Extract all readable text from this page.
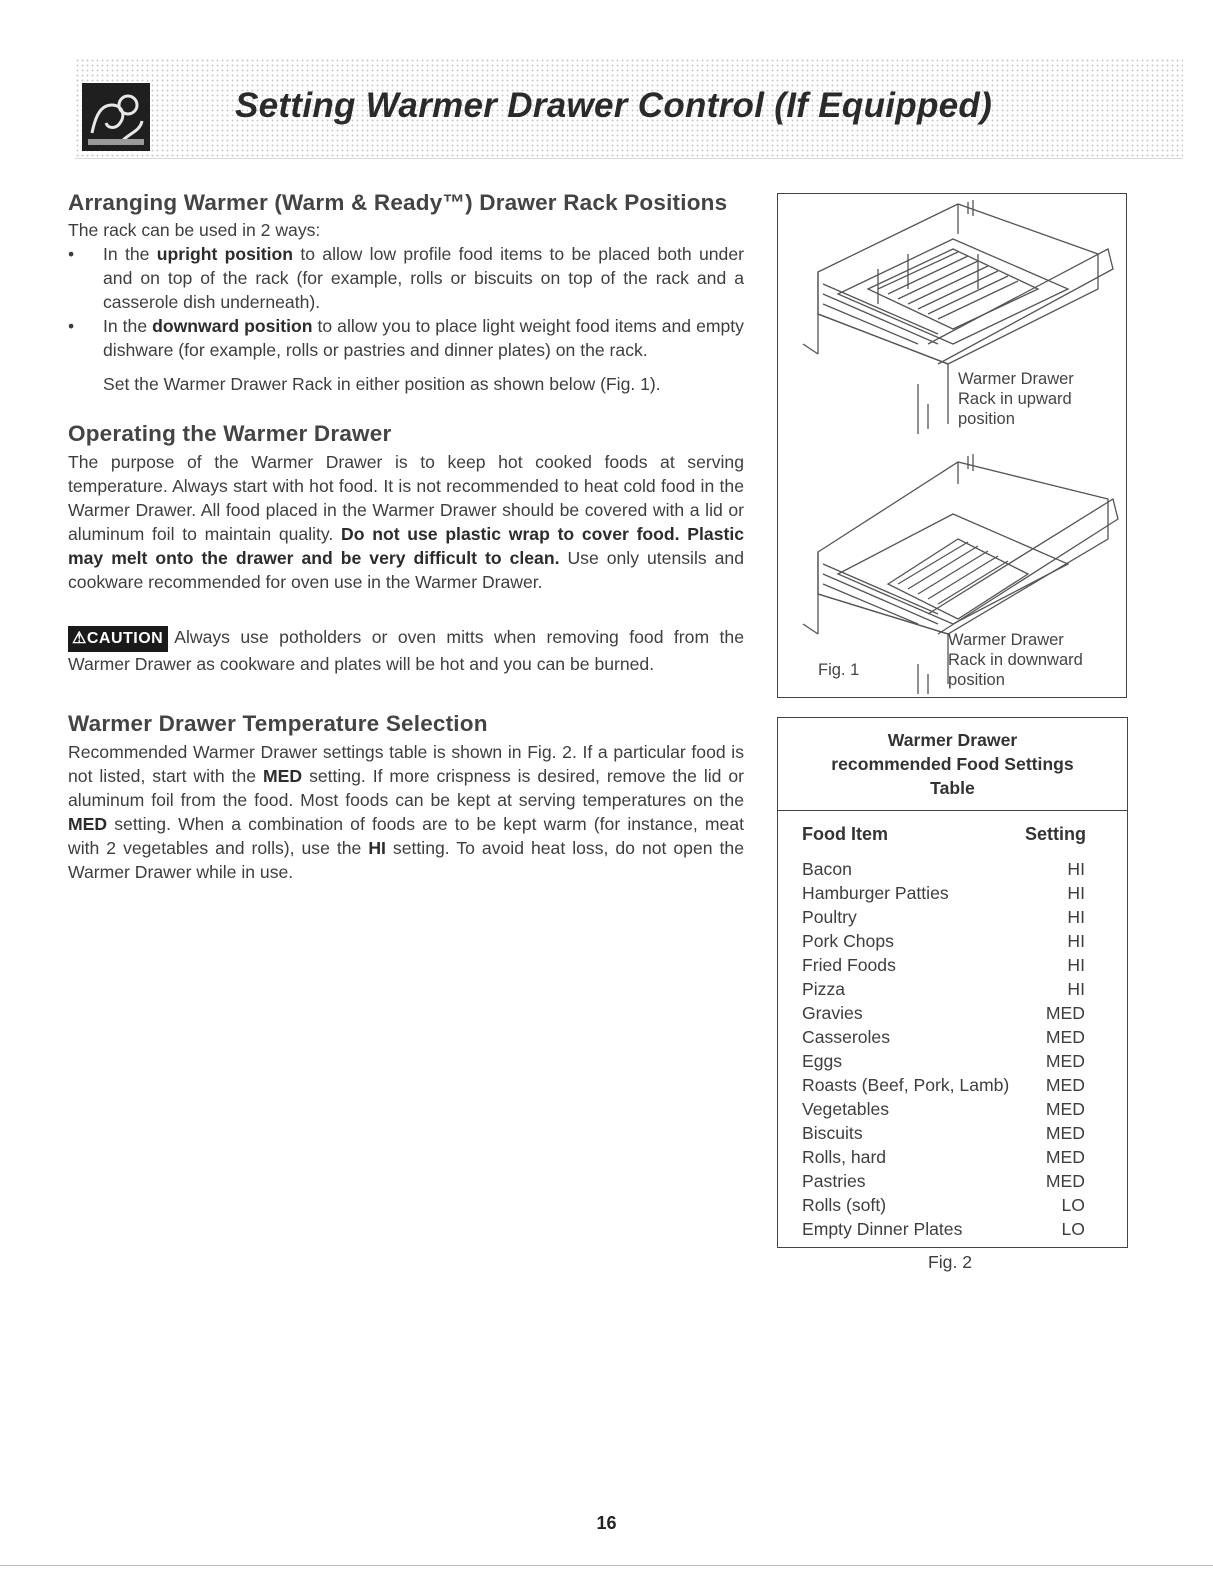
Setting Warmer Drawer Control (If Equipped)
Arranging Warmer (Warm & Ready™) Drawer Rack Positions

The rack can be used in 2 ways:

• In the upright position to allow low profile food items to be placed both under and on top of the rack (for example, rolls or biscuits on top of the rack and a casserole dish underneath).
• In the downward position to allow you to place light weight food items and empty dishware (for example, rolls or pastries and dinner plates) on the rack.

Set the Warmer Drawer Rack in either position as shown below (Fig. 1).

Operating the Warmer Drawer

The purpose of the Warmer Drawer is to keep hot cooked foods at serving temperature. Always start with hot food. It is not recommended to heat cold food in the Warmer Drawer. All food placed in the Warmer Drawer should be covered with a lid or aluminum foil to maintain quality. Do not use plastic wrap to cover food. Plastic may melt onto the drawer and be very difficult to clean. Use only utensils and cookware recommended for oven use in the Warmer Drawer.

⚠CAUTION Always use potholders or oven mitts when removing food from the Warmer Drawer as cookware and plates will be hot and you can be burned.

Warmer Drawer Temperature Selection

Recommended Warmer Drawer settings table is shown in Fig. 2. If a particular food is not listed, start with the MED setting. If more crispness is desired, remove the lid or aluminum foil from the food. Most foods can be kept at serving temperatures on the MED setting. When a combination of foods are to be kept warm (for instance, meat with 2 vegetables and rolls), use the HI setting. To avoid heat loss, do not open the Warmer Drawer while in use.

Warmer Drawer
Rack in upward
position
Warmer Drawer
Rack in downward
position
Fig. 1
Warmer Drawer
recommended Food Settings
Table
Food Item	Setting
Bacon	HI
Hamburger Patties	HI
Poultry	HI
Pork Chops	HI
Fried Foods	HI
Pizza	HI
Gravies	MED
Casseroles	MED
Eggs	MED
Roasts (Beef, Pork, Lamb) MED
Vegetables	MED
Biscuits	MED
Rolls, hard	MED
Pastries	MED
Rolls (soft)	LO
Empty Dinner Plates	LO
Fig. 2
16
